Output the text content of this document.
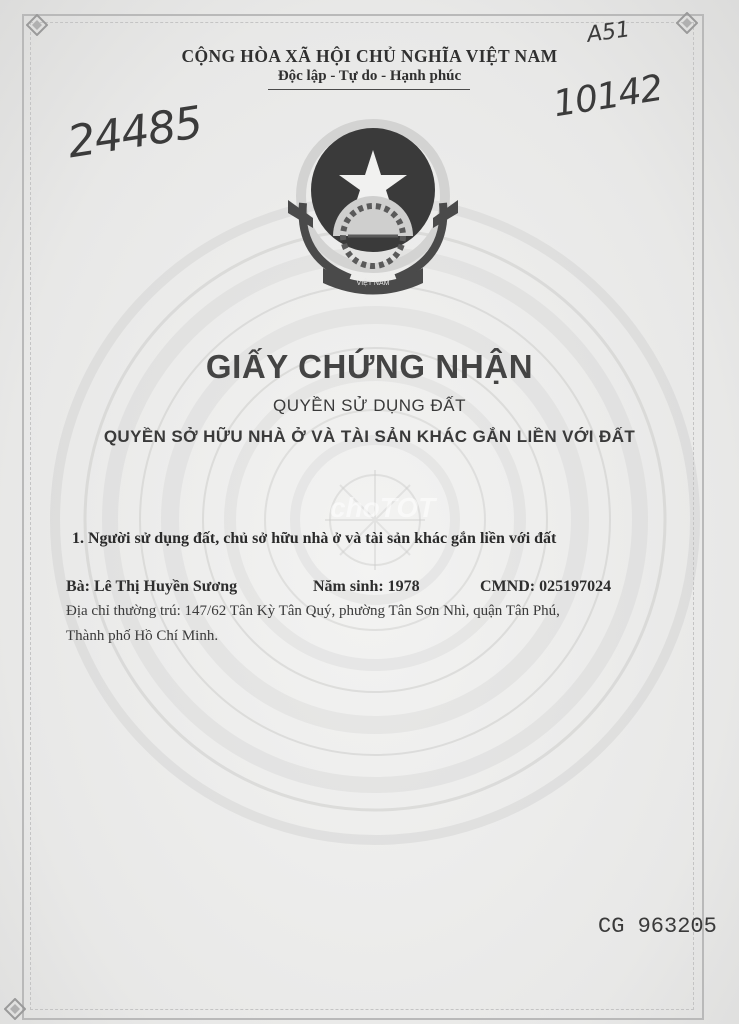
CỘNG HÒA XÃ HỘI CHỦ NGHĨA VIỆT NAM
Độc lập - Tự do - Hạnh phúc
A51
10142
24485
VIỆT NAM
GIẤY CHỨNG NHẬN
QUYỀN SỬ DỤNG ĐẤT
QUYỀN SỞ HỮU NHÀ Ở VÀ TÀI SẢN KHÁC GẮN LIỀN VỚI ĐẤT
choTOT
1. Người sử dụng đất, chủ sở hữu nhà ở và tài sản khác gắn liền với đất
Bà: Lê Thị Huyền Sương	Năm sinh: 1978	CMND: 025197024
Địa chỉ thường trú: 147/62 Tân Kỳ Tân Quý, phường Tân Sơn Nhì, quận Tân Phú,
Thành phố Hồ Chí Minh.
CG 963205
